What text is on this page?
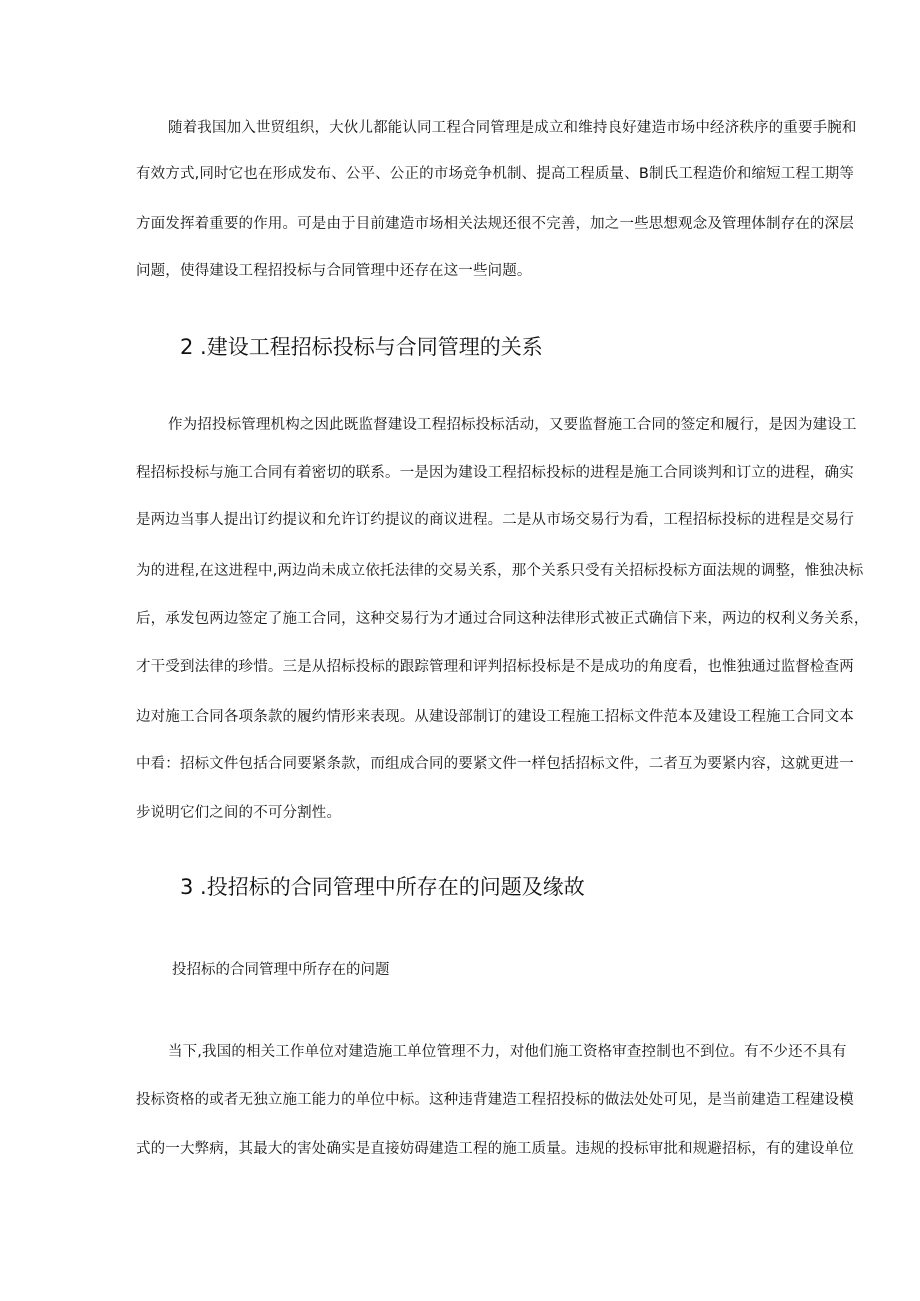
随着我国加入世贸组织，大伙儿都能认同工程合同管理是成立和维持良好建造市场中经济秩序的重要手腕和
有效方式,同时它也在形成发布、公平、公正的市场竞争机制、提高工程质量、B制氏工程造价和缩短工程工期等
方面发挥着重要的作用。可是由于目前建造市场相关法规还很不完善，加之一些思想观念及管理体制存在的深层
问题，使得建设工程招投标与合同管理中还存在这一些问题。
2 .建设工程招标投标与合同管理的关系
作为招投标管理机构之因此既监督建设工程招标投标活动，又要监督施工合同的签定和履行，是因为建设工
程招标投标与施工合同有着密切的联系。一是因为建设工程招标投标的进程是施工合同谈判和订立的进程，确实
是两边当事人提出订约提议和允许订约提议的商议进程。二是从市场交易行为看，工程招标投标的进程是交易行
为的进程,在这进程中,两边尚未成立依托法律的交易关系，那个关系只受有关招标投标方面法规的调整，惟独决标
后，承发包两边签定了施工合同，这种交易行为才通过合同这种法律形式被正式确信下来，两边的权利义务关系，
才干受到法律的珍惜。三是从招标投标的跟踪管理和评判招标投标是不是成功的角度看，也惟独通过监督检查两
边对施工合同各项条款的履约情形来表现。从建设部制订的建设工程施工招标文件范本及建设工程施工合同文本
中看：招标文件包括合同要紧条款，而组成合同的要紧文件一样包括招标文件，二者互为要紧内容，这就更进一
步说明它们之间的不可分割性。
3 .投招标的合同管理中所存在的问题及缘故
投招标的合同管理中所存在的问题
当下,我国的相关工作单位对建造施工单位管理不力，对他们施工资格审查控制也不到位。有不少还不具有
投标资格的或者无独立施工能力的单位中标。这种违背建造工程招投标的做法处处可见，是当前建造工程建设模
式的一大弊病，其最大的害处确实是直接妨碍建造工程的施工质量。违规的投标审批和规避招标，有的建设单位
